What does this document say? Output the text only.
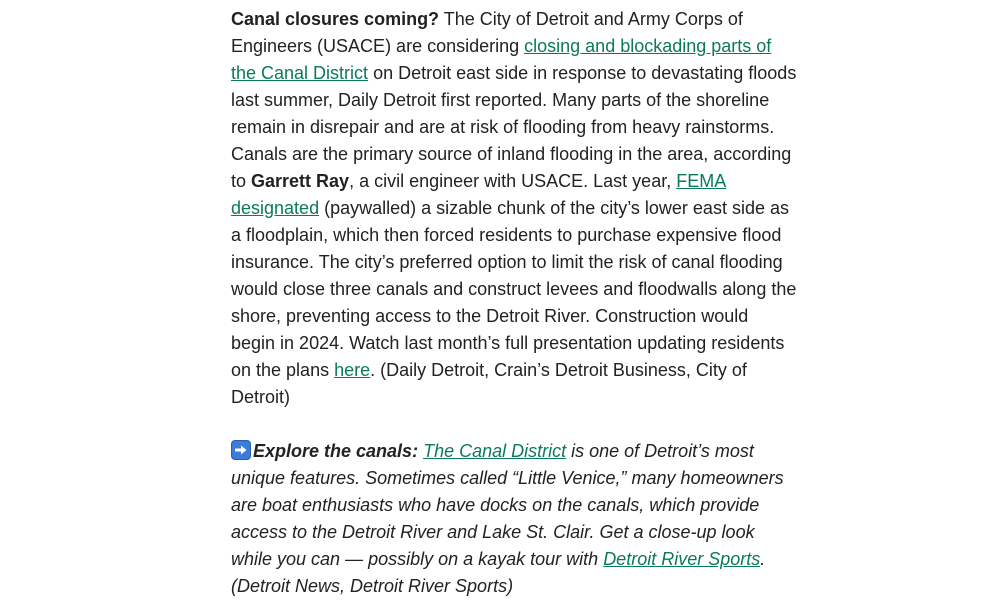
Canal closures coming? The City of Detroit and Army Corps of Engineers (USACE) are considering closing and blockading parts of the Canal District on Detroit east side in response to devastating floods last summer, Daily Detroit first reported. Many parts of the shoreline remain in disrepair and are at risk of flooding from heavy rainstorms. Canals are the primary source of inland flooding in the area, according to Garrett Ray, a civil engineer with USACE. Last year, FEMA designated (paywalled) a sizable chunk of the city’s lower east side as a floodplain, which then forced residents to purchase expensive flood insurance. The city’s preferred option to limit the risk of canal flooding would close three canals and construct levees and floodwalls along the shore, preventing access to the Detroit River. Construction would begin in 2024. Watch last month’s full presentation updating residents on the plans here. (Daily Detroit, Crain’s Detroit Business, City of Detroit)

Explore the canals: The Canal District is one of Detroit’s most unique features. Sometimes called “Little Venice,” many homeowners are boat enthusiasts who have docks on the canals, which provide access to the Detroit River and Lake St. Clair. Get a close-up look while you can — possibly on a kayak tour with Detroit River Sports. (Detroit News, Detroit River Sports)
